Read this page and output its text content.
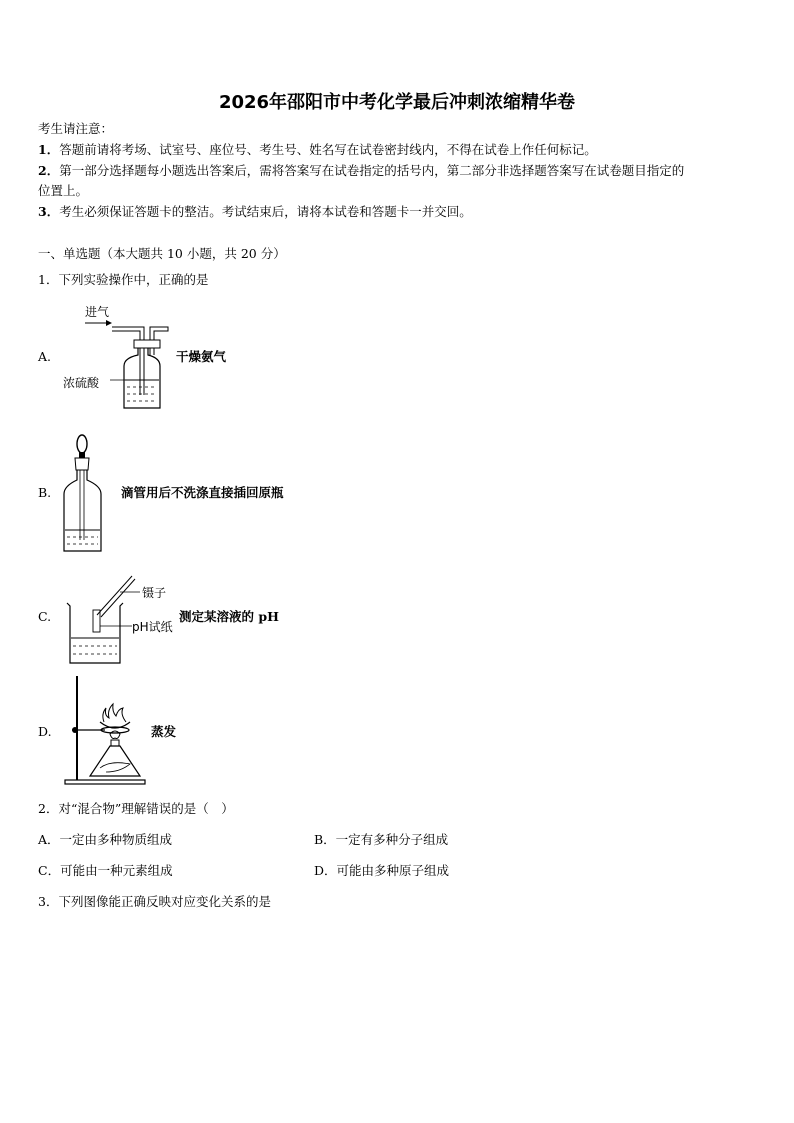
2026年邵阳市中考化学最后冲刺浓缩精华卷
考生请注意：
1．答题前请将考场、试室号、座位号、考生号、姓名写在试卷密封线内，不得在试卷上作任何标记。
2．第一部分选择题每小题选出答案后，需将答案写在试卷指定的括号内，第二部分非选择题答案写在试卷题目指定的
位置上。
3．考生必须保证答题卡的整洁。考试结束后，请将本试卷和答题卡一并交回。
一、单选题（本大题共 10 小题，共 20 分）
1．下列实验操作中，正确的是
A.
进气
浓硫酸
干燥氨气
B.	滴管用后不洗涤直接插回原瓶
C.
镊子
pH试纸
测定某溶液的 pH
D.	蒸发
2．对“混合物”理解错误的是（　）
A．一定由多种物质组成	B．一定有多种分子组成
C．可能由一种元素组成	D．可能由多种原子组成
3．下列图像能正确反映对应变化关系的是
